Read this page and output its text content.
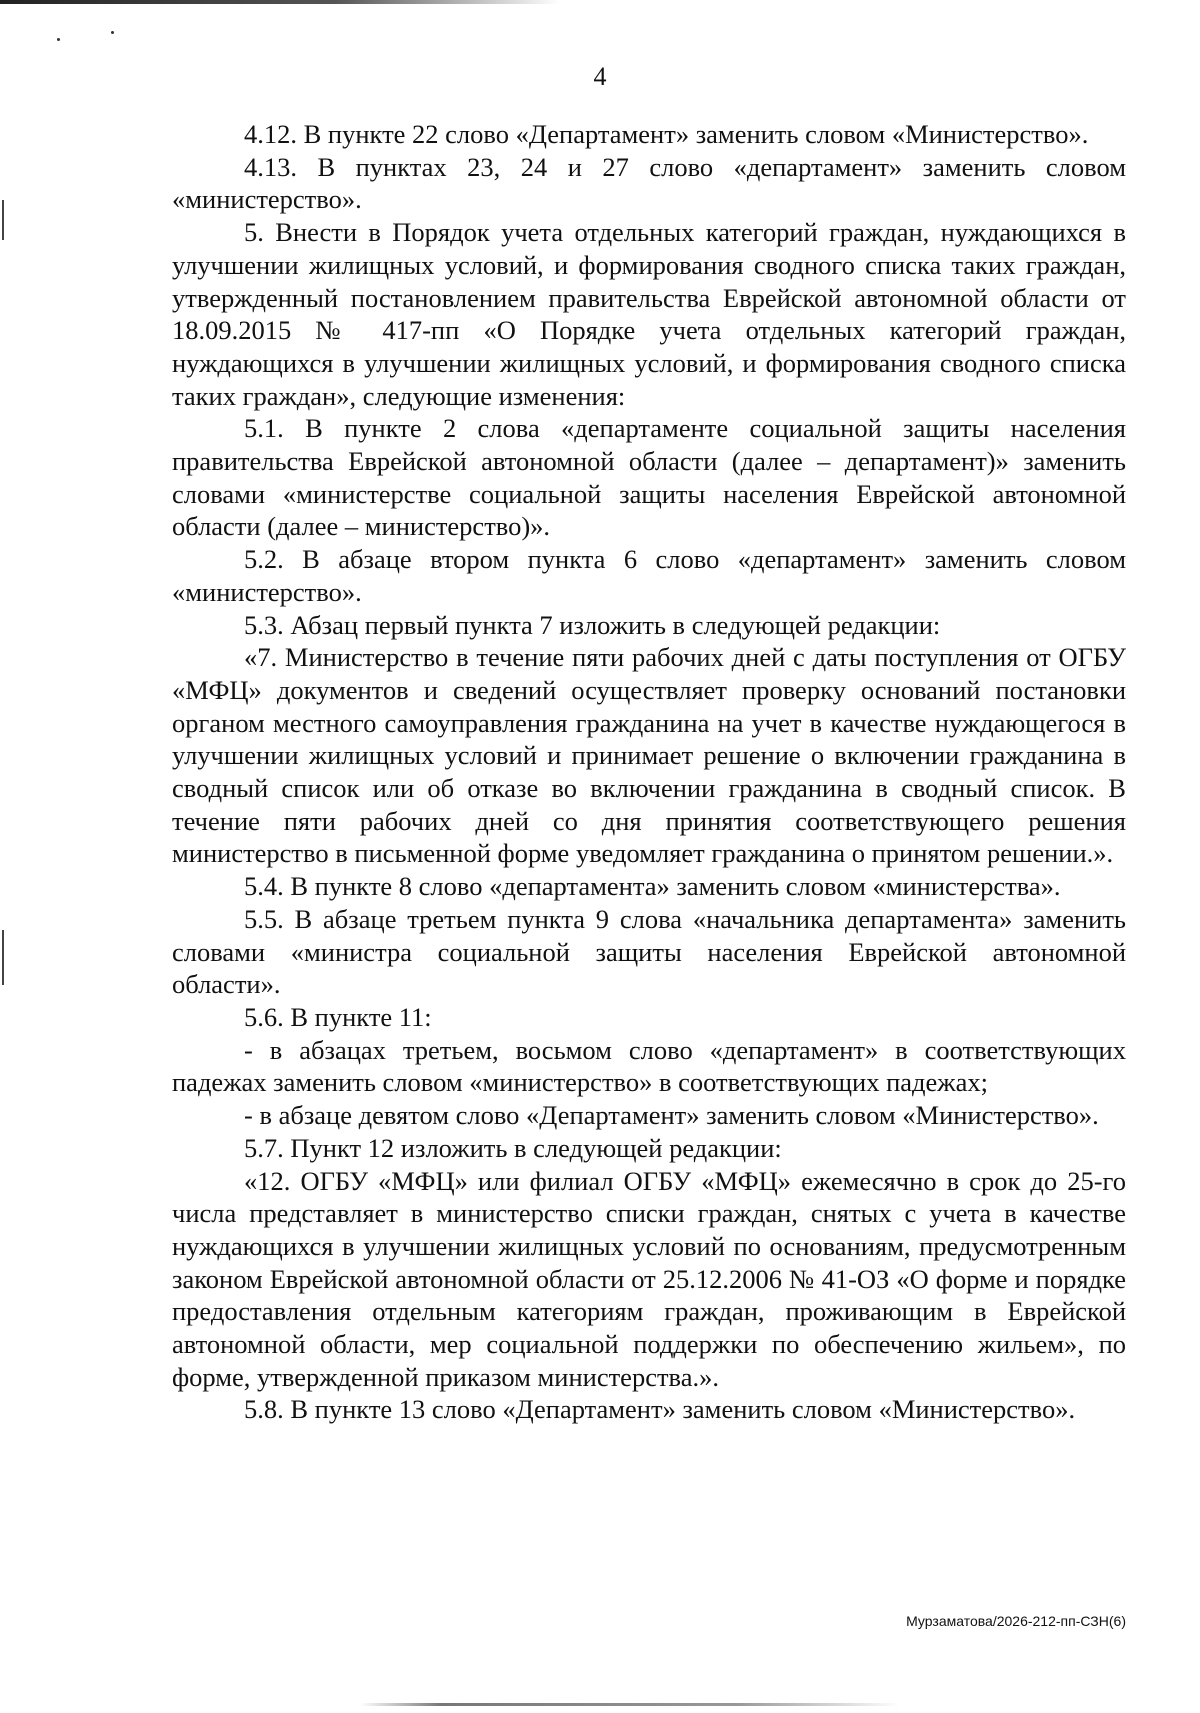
4

4.12. В пункте 22 слово «Департамент» заменить словом «Министерство».

4.13. В пунктах 23, 24 и 27 слово «департамент» заменить словом «министерство».

5. Внести в Порядок учета отдельных категорий граждан, нуждающихся в улучшении жилищных условий, и формирования сводного списка таких граждан, утвержденный постановлением правительства Еврейской автономной области от 18.09.2015 № 417-пп «О Порядке учета отдельных категорий граждан, нуждающихся в улучшении жилищных условий, и формирования сводного списка таких граждан», следующие изменения:

5.1. В пункте 2 слова «департаменте социальной защиты населения правительства Еврейской автономной области (далее – департамент)» заменить словами «министерстве социальной защиты населения Еврейской автономной области (далее – министерство)».

5.2. В абзаце втором пункта 6 слово «департамент» заменить словом «министерство».

5.3. Абзац первый пункта 7 изложить в следующей редакции:

«7. Министерство в течение пяти рабочих дней с даты поступления от ОГБУ «МФЦ» документов и сведений осуществляет проверку оснований постановки органом местного самоуправления гражданина на учет в качестве нуждающегося в улучшении жилищных условий и принимает решение о включении гражданина в сводный список или об отказе во включении гражданина в сводный список. В течение пяти рабочих дней со дня принятия соответствующего решения министерство в письменной форме уведомляет гражданина о принятом решении.».

5.4. В пункте 8 слово «департамента» заменить словом «министерства».

5.5. В абзаце третьем пункта 9 слова «начальника департамента» заменить словами «министра социальной защиты населения Еврейской автономной области».

5.6. В пункте 11:

- в абзацах третьем, восьмом слово «департамент» в соответствующих падежах заменить словом «министерство» в соответствующих падежах;

- в абзаце девятом слово «Департамент» заменить словом «Министерство».

5.7. Пункт 12 изложить в следующей редакции:

«12. ОГБУ «МФЦ» или филиал ОГБУ «МФЦ» ежемесячно в срок до 25-го числа представляет в министерство списки граждан, снятых с учета в качестве нуждающихся в улучшении жилищных условий по основаниям, предусмотренным законом Еврейской автономной области от 25.12.2006 № 41-ОЗ «О форме и порядке предоставления отдельным категориям граждан, проживающим в Еврейской автономной области, мер социальной поддержки по обеспечению жильем», по форме, утвержденной приказом министерства.».

5.8. В пункте 13 слово «Департамент» заменить словом «Министерство».

Мурзаматова/2026-212-пп-СЗН(6)
